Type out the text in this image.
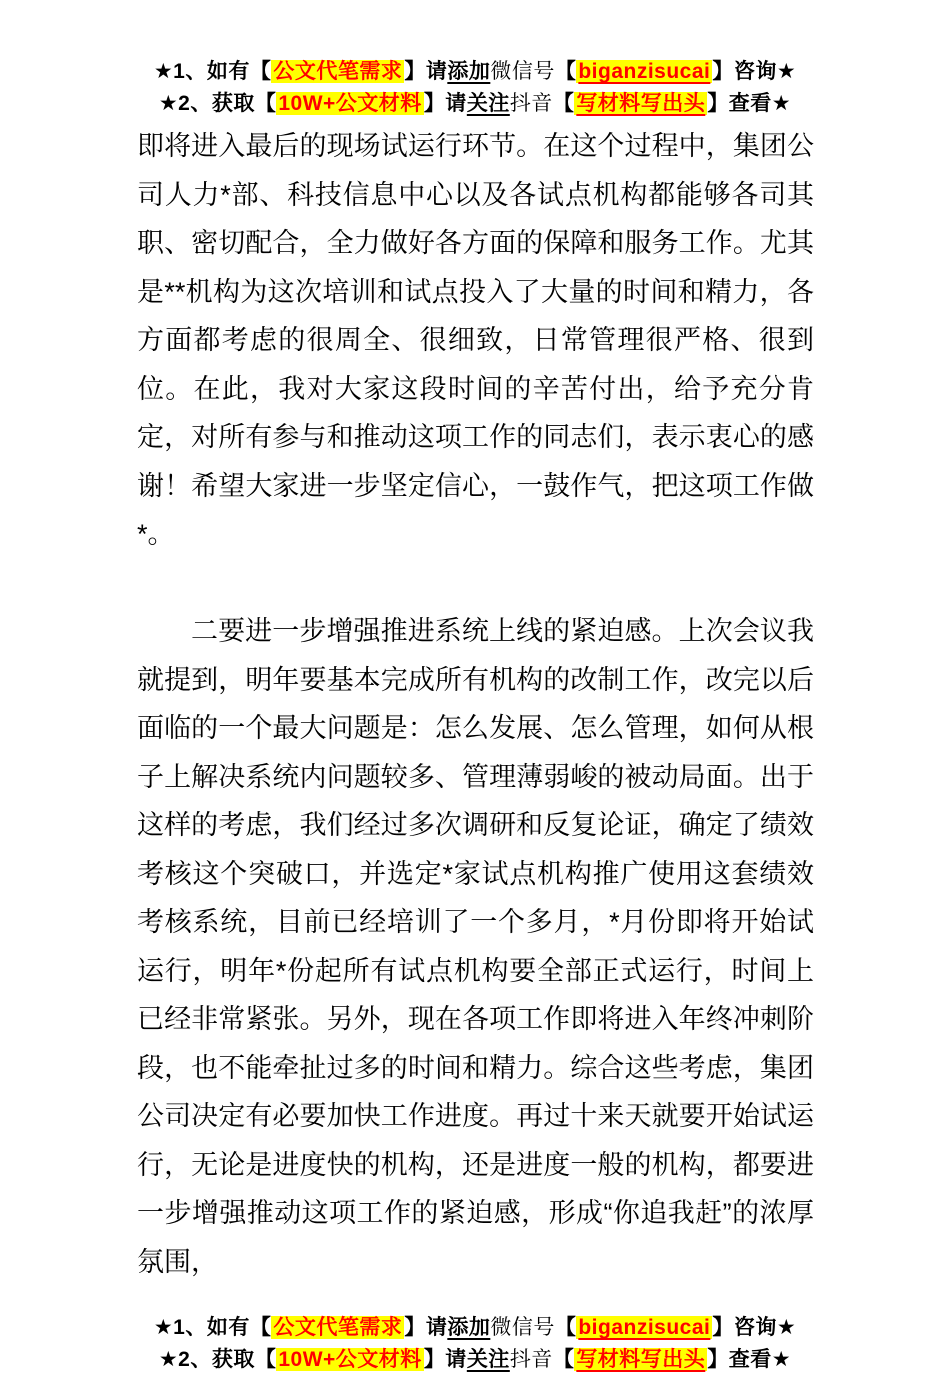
★1、如有【公文代笔需求】请添加微信号【biganzisucai】咨询★
★2、获取【10W+公文材料】请关注抖音【写材料写出头】查看★

即将进入最后的现场试运行环节。在这个过程中，集团公司人力*部、科技信息中心以及各试点机构都能够各司其职、密切配合，全力做好各方面的保障和服务工作。尤其是**机构为这次培训和试点投入了大量的时间和精力，各方面都考虑的很周全、很细致，日常管理很严格、很到位。在此，我对大家这段时间的辛苦付出，给予充分肯定，对所有参与和推动这项工作的同志们，表示衷心的感谢！希望大家进一步坚定信心，一鼓作气，把这项工作做*。

二要进一步增强推进系统上线的紧迫感。上次会议我就提到，明年要基本完成所有机构的改制工作，改完以后面临的一个最大问题是：怎么发展、怎么管理，如何从根子上解决系统内问题较多、管理薄弱峻的被动局面。出于这样的考虑，我们经过多次调研和反复论证，确定了绩效考核这个突破口，并选定*家试点机构推广使用这套绩效考核系统，目前已经培训了一个多月，*月份即将开始试运行，明年*份起所有试点机构要全部正式运行，时间上已经非常紧张。另外，现在各项工作即将进入年终冲刺阶段，也不能牵扯过多的时间和精力。综合这些考虑，集团公司决定有必要加快工作进度。再过十来天就要开始试运行，无论是进度快的机构，还是进度一般的机构，都要进一步增强推动这项工作的紧迫感，形成“你追我赶”的浓厚氛围，

★1、如有【公文代笔需求】请添加微信号【biganzisucai】咨询★
★2、获取【10W+公文材料】请关注抖音【写材料写出头】查看★
